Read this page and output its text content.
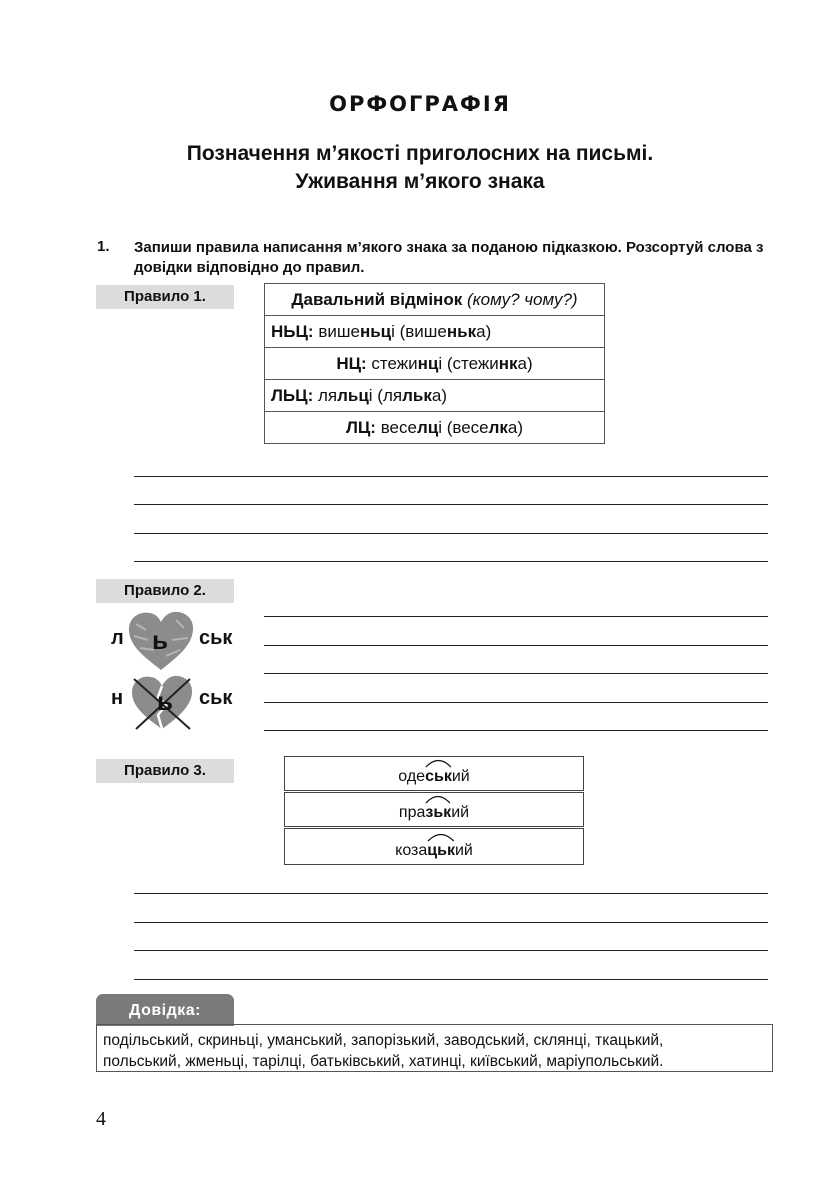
ОРФОГРАФІЯ
Позначення м’якості приголосних на письмі.
Уживання м’якого знака
1. Запиши правила написання м’якого знака за поданою підказкою. Розсортуй слова з довідки відповідно до правил.
Правило 1.	Давальний відмінок (кому? чому?)
НЬЦ: вишеньці (вишенька)
НЦ: стежинці (стежинка)
ЛЬЦ: ляльці (лялька)
ЛЦ: веселці (веселка)
Правило 2.
л ь ськ
н ь ськ
Правило 3.	оде
ський
пра
зький
коза
цький
Довідка:
подільський, скриньці, уманський, запорізький, заводський, склянці, ткацький,
польський, жменьці, тарілці, батьківський, хатинці, київський, маріупольський.
4
